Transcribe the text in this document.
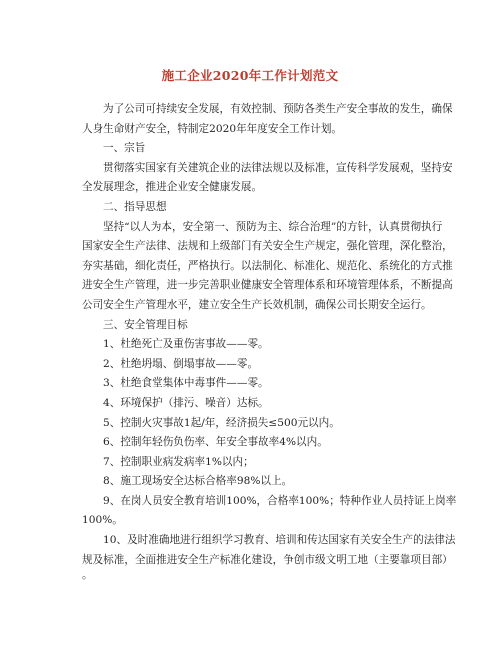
施工企业2020年工作计划范文
为了公司可持续安全发展，有效控制、预防各类生产安全事故的发生，确保
人身生命财产安全，特制定2020年年度安全工作计划。
一、宗旨
贯彻落实国家有关建筑企业的法律法规以及标准，宣传科学发展观，坚持安
全发展理念，推进企业安全健康发展。
二、指导思想
坚持“以人为本，安全第一、预防为主、综合治理”的方针，认真贯彻执行
国家安全生产法律、法规和上级部门有关安全生产规定，强化管理，深化整治，
夯实基础，细化责任，严格执行。以法制化、标准化、规范化、系统化的方式推
进安全生产管理，进一步完善职业健康安全管理体系和环境管理体系，不断提高
公司安全生产管理水平，建立安全生产长效机制，确保公司长期安全运行。
三、安全管理目标
1、杜绝死亡及重伤害事故——零。
2、杜绝坍塌、倒塌事故——零。
3、杜绝食堂集体中毒事件——零。
4、环境保护（排污、噪音）达标。
5、控制火灾事故1起/年，经济损失≤500元以内。
6、控制年轻伤负伤率、年安全事故率4%以内。
7、控制职业病发病率1%以内；
8、施工现场安全达标合格率98%以上。
9、在岗人员安全教育培训100%，合格率100%；特种作业人员持证上岗率
100%。
10、及时准确地进行组织学习教育、培训和传达国家有关安全生产的法律法
规及标准，全面推进安全生产标准化建设，争创市级文明工地（主要靠项目部）
。
